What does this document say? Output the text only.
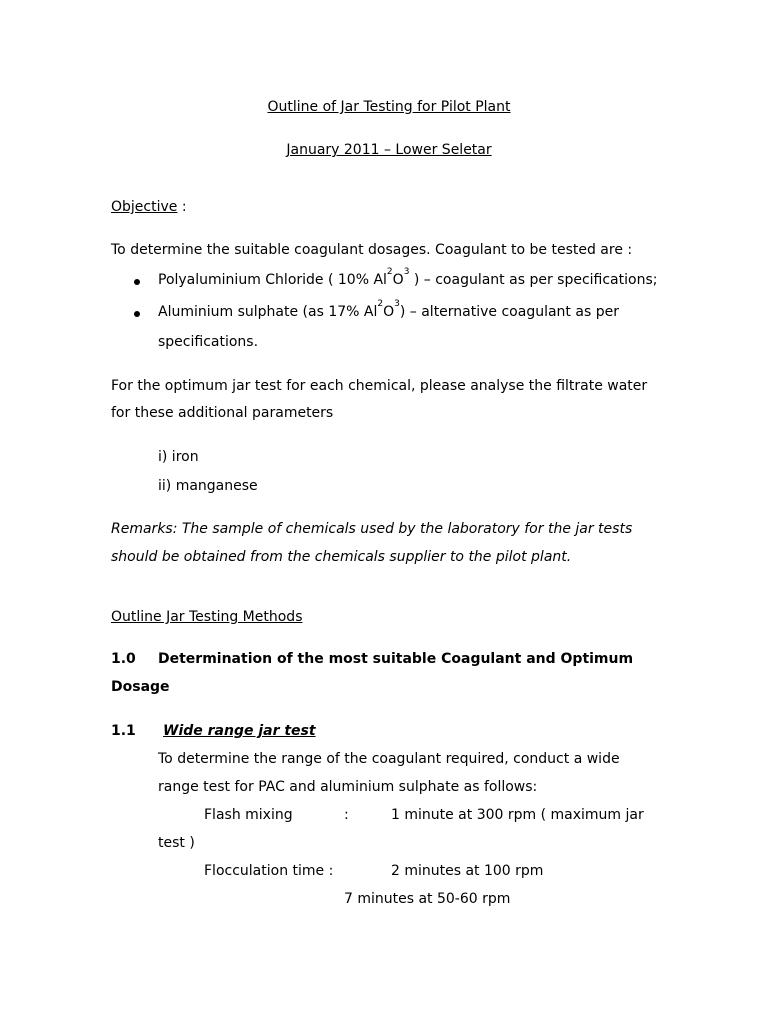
Outline of Jar Testing for Pilot Plant
January 2011 – Lower Seletar
Objective :
To determine the suitable coagulant dosages. Coagulant to be tested are :
Polyaluminium Chloride ( 10% $Al^2O^3$ ) – coagulant as per specifications;
Aluminium sulphate (as 17% $Al^2O^3$) – alternative coagulant as per
specifications.
For the optimum jar test for each chemical, please analyse the filtrate water
for these additional parameters
i) iron
ii) manganese
Remarks: The sample of chemicals used by the laboratory for the jar tests
should be obtained from the chemicals supplier to the pilot plant.
Outline Jar Testing Methods
1.0 Determination of the most suitable Coagulant and Optimum
Dosage
1.1 Wide range jar test
To determine the range of the coagulant required, conduct a wide
range test for PAC and aluminium sulphate as follows:
Flash mixing	:	1 minute at 300 rpm ( maximum jar
test )
Flocculation time :	2 minutes at 100 rpm
7 minutes at 50-60 rpm
